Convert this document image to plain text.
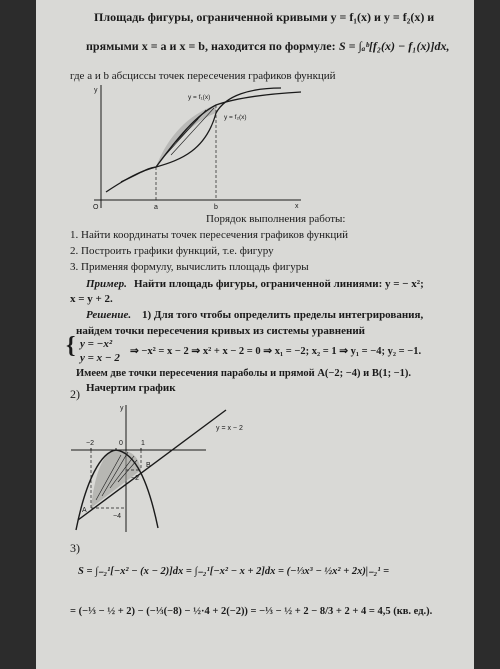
Площадь фигуры, ограниченной кривыми y = f₁(x) и y = f₂(x) и
прямыми x = a и x = b, находится по формуле: S = ∫ₐᵇ[f₂(x) − f₁(x)]dx,
где a и b абсциссы точек пересечения графиков функций
y
x
O	a	b
y = f₁(x)
y = f₂(x)
Порядок выполнения работы:
1. Найти координаты точек пересечения графиков функций
2. Построить графики функций, т.е. фигуру
3. Применяя формулу, вычислить площадь фигуры
Пример. Найти площадь фигуры, ограниченной линиями: y = − x²;
x = y + 2.
Решение. 1) Для того чтобы определить пределы интегрирования,
найдем точки пересечения кривых из системы уравнений
{ y = −x²
y = x − 2
⇒ −x² = x − 2 ⇒ x² + x − 2 = 0 ⇒ x₁ = −2; x₂ = 1 ⇒ y₁ = −4; y₂ = −1.
Имеем две точки пересечения параболы и прямой A(−2; −4) и B(1; −1).
2) Начертим график
y
y = x − 2
−2	0	1
−2
−4
A
B
3)
S = ∫₋₂¹[−x² − (x − 2)]dx = ∫₋₂¹[−x² − x + 2]dx = (−⅓x³ − ½x² + 2x)|₋₂¹ =
= (−⅓ − ½ + 2) − (−⅓(−8) − ½·4 + 2(−2)) = −⅓ − ½ + 2 − 8/3 + 2 + 4 = 4,5 (кв. ед.).
